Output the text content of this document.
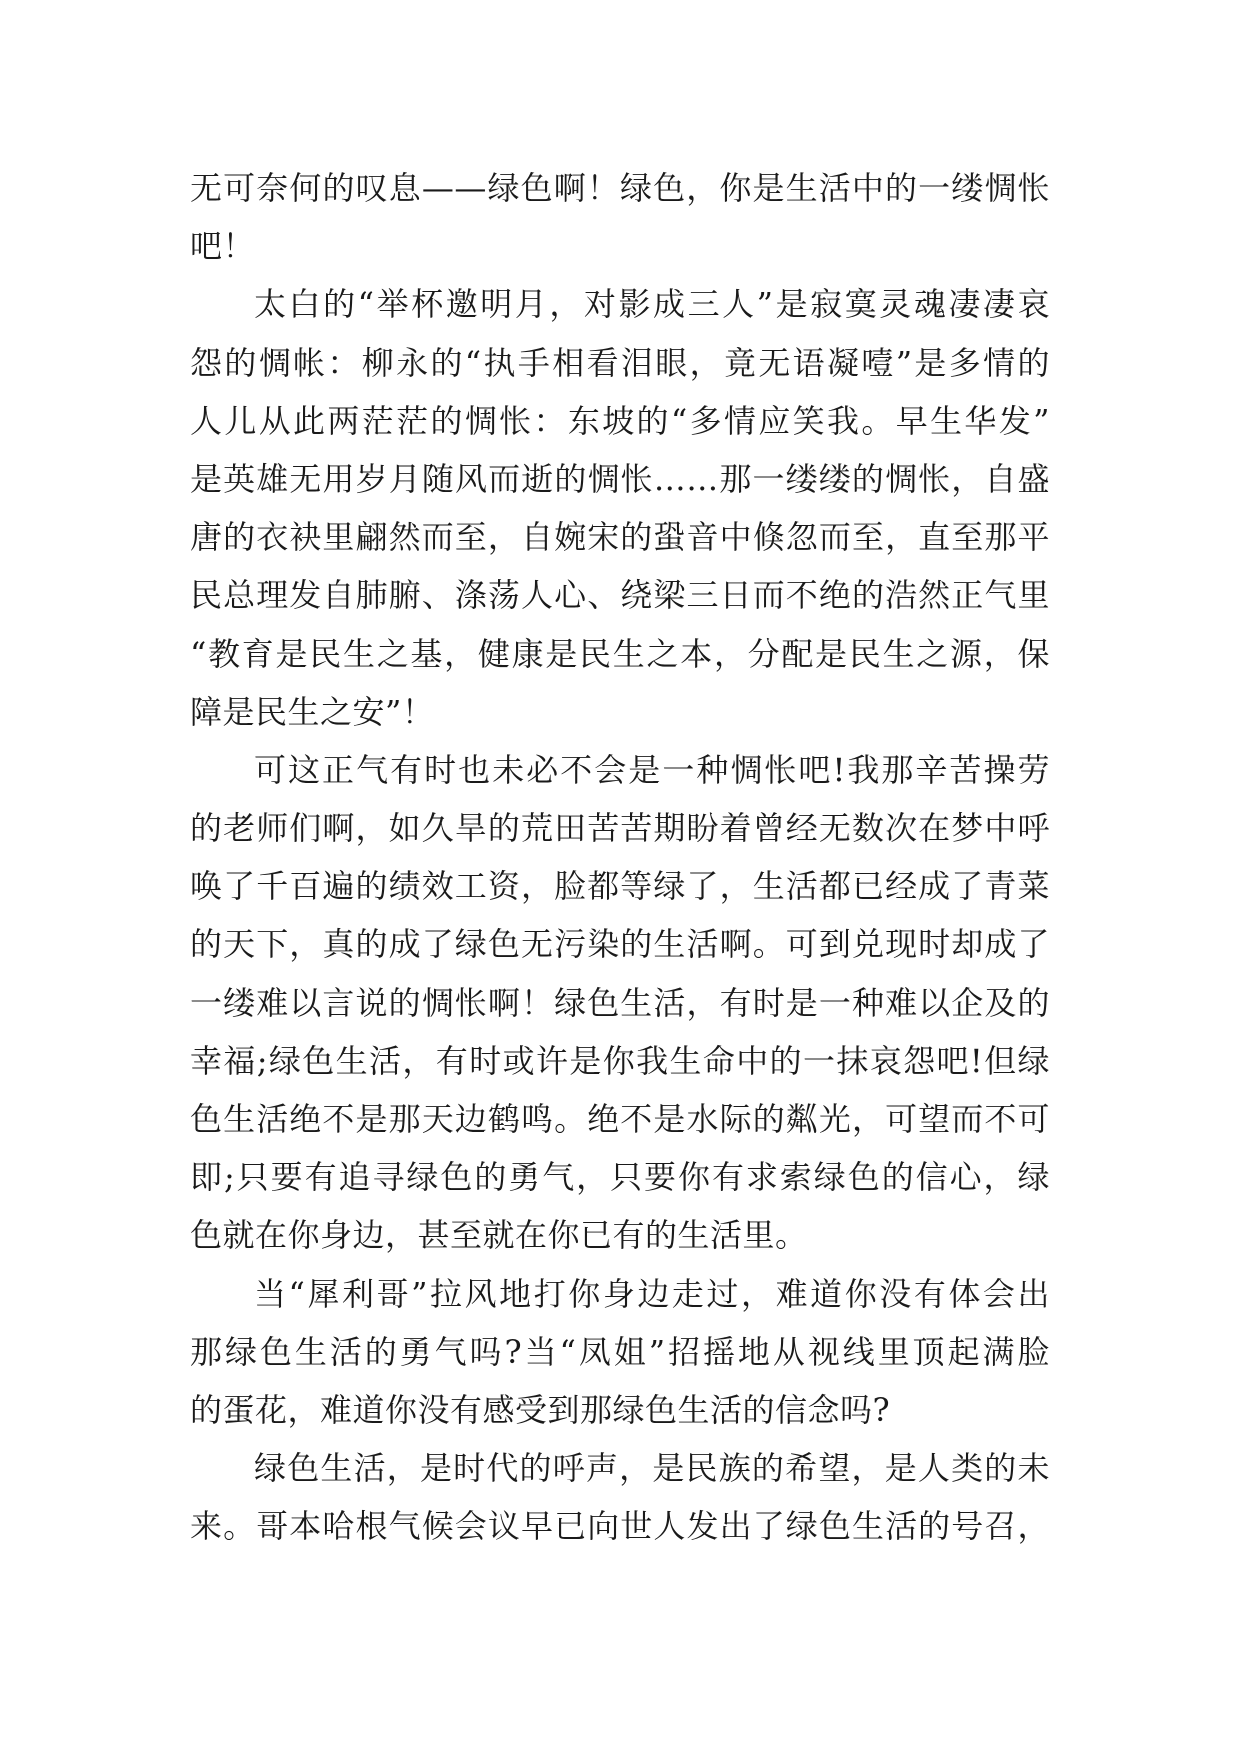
无可奈何的叹息——绿色啊！绿色，你是生活中的一缕惆怅
吧！
太白的“举杯邀明月，对影成三人”是寂寞灵魂凄凄哀
怨的惆帐：柳永的“执手相看泪眼，竟无语凝噎”是多情的
人儿从此两茫茫的惆怅：东坡的“多情应笑我。早生华发”
是英雄无用岁月随风而逝的惆怅……那一缕缕的惆怅，自盛
唐的衣袂里翩然而至，自婉宋的蛩音中倏忽而至，直至那平
民总理发自肺腑、涤荡人心、绕梁三日而不绝的浩然正气里
“教育是民生之基，健康是民生之本，分配是民生之源，保
障是民生之安”！
可这正气有时也未必不会是一种惆怅吧!我那辛苦操劳
的老师们啊，如久旱的荒田苦苦期盼着曾经无数次在梦中呼
唤了千百遍的绩效工资，脸都等绿了，生活都已经成了青菜
的天下，真的成了绿色无污染的生活啊。可到兑现时却成了
一缕难以言说的惆怅啊！绿色生活，有时是一种难以企及的
幸福;绿色生活，有时或许是你我生命中的一抹哀怨吧!但绿
色生活绝不是那天边鹤鸣。绝不是水际的粼光，可望而不可
即;只要有追寻绿色的勇气，只要你有求索绿色的信心，绿
色就在你身边，甚至就在你已有的生活里。
当“犀利哥”拉风地打你身边走过，难道你没有体会出
那绿色生活的勇气吗?当“凤姐”招摇地从视线里顶起满脸
的蛋花，难道你没有感受到那绿色生活的信念吗?
绿色生活，是时代的呼声，是民族的希望，是人类的未
来。哥本哈根气候会议早已向世人发出了绿色生活的号召，
